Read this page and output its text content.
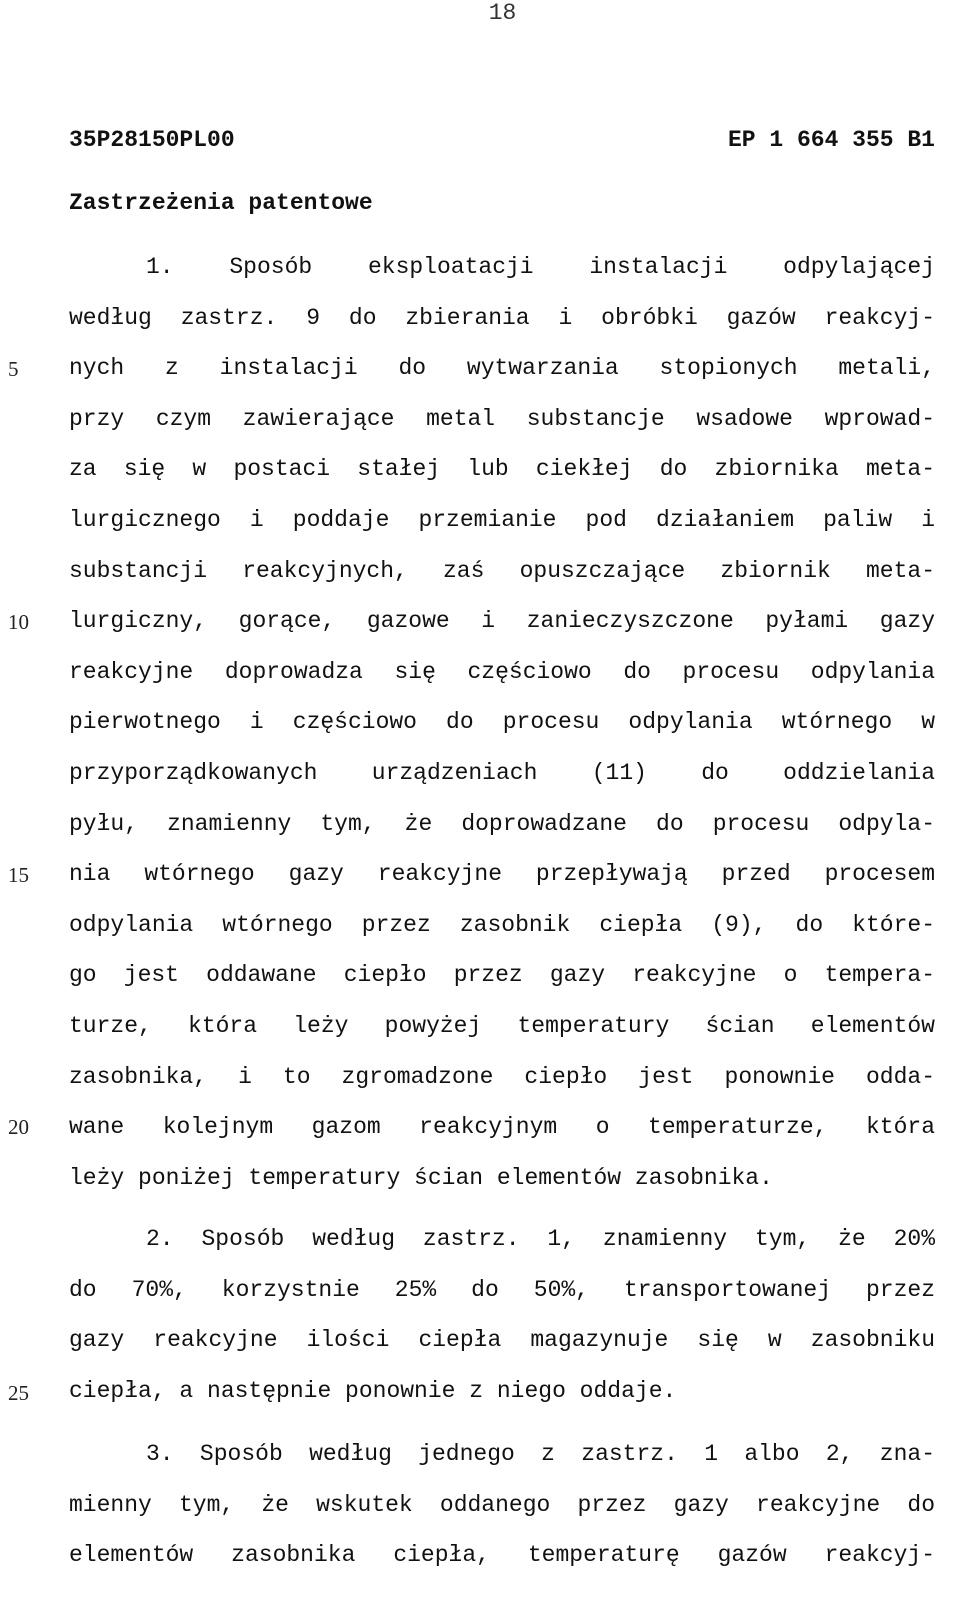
18
35P28150PL00	EP 1 664 355 B1
Zastrzeżenia patentowe
1. Sposób eksploatacji instalacji odpylającej
według zastrz. 9 do zbierania i obróbki gazów reakcyj-
nych z instalacji do wytwarzania stopionych metali,
przy czym zawierające metal substancje wsadowe wprowad-
za się w postaci stałej lub ciekłej do zbiornika meta-
lurgicznego i poddaje przemianie pod działaniem paliw i
substancji reakcyjnych, zaś opuszczające zbiornik meta-
lurgiczny, gorące, gazowe i zanieczyszczone pyłami gazy
reakcyjne doprowadza się częściowo do procesu odpylania
pierwotnego i częściowo do procesu odpylania wtórnego w
przyporządkowanych urządzeniach (11) do oddzielania
pyłu, znamienny tym, że doprowadzane do procesu odpyla-
nia wtórnego gazy reakcyjne przepływają przed procesem
odpylania wtórnego przez zasobnik ciepła (9), do które-
go jest oddawane ciepło przez gazy reakcyjne o tempera-
turze, która leży powyżej temperatury ścian elementów
zasobnika, i to zgromadzone ciepło jest ponownie odda-
wane kolejnym gazom reakcyjnym o temperaturze, która
leży poniżej temperatury ścian elementów zasobnika.
2. Sposób według zastrz. 1, znamienny tym, że 20%
do 70%, korzystnie 25% do 50%, transportowanej przez
gazy reakcyjne ilości ciepła magazynuje się w zasobniku
ciepła, a następnie ponownie z niego oddaje.
3. Sposób według jednego z zastrz. 1 albo 2, zna-
mienny tym, że wskutek oddanego przez gazy reakcyjne do
elementów zasobnika ciepła, temperaturę gazów reakcyj-
5
10
15
20
25
